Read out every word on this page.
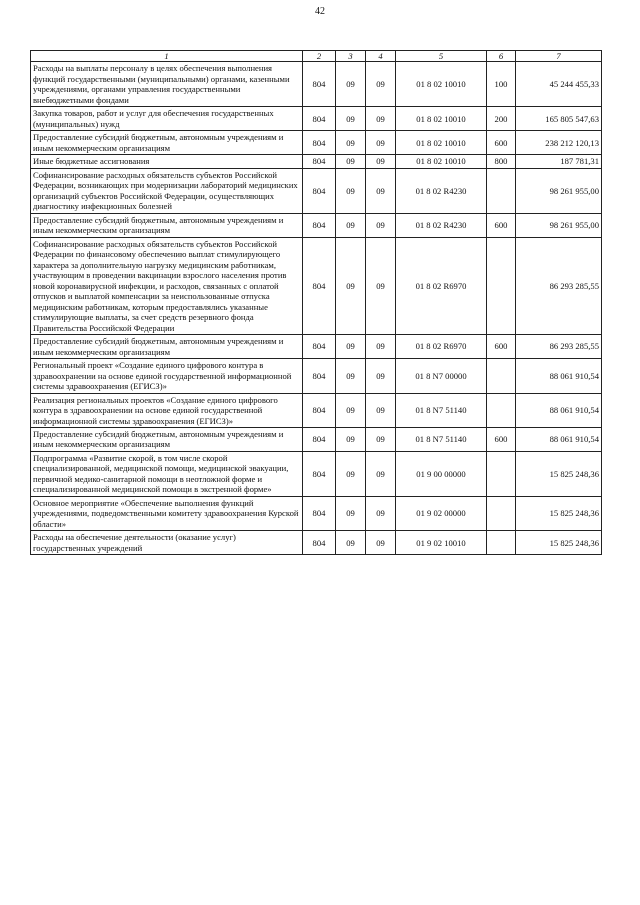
42
1	2	3	4	5	6	7
Расходы на выплаты персоналу в целях обеспечения выполнения функций государственными (муниципальными) органами, казенными учреждениями, органами управления государственными внебюджетными фондами	804	09	09	01 8 02 10010	100	45 244 455,33
Закупка товаров, работ и услуг для обеспечения государственных (муниципальных) нужд	804	09	09	01 8 02 10010	200	165 805 547,63
Предоставление субсидий бюджетным, автономным учреждениям и иным некоммерческим организациям	804	09	09	01 8 02 10010	600	238 212 120,13
Иные бюджетные ассигнования	804	09	09	01 8 02 10010	800	187 781,31
Софинансирование расходных обязательств субъектов Российской Федерации, возникающих при модернизации лабораторий медицинских организаций субъектов Российской Федерации, осуществляющих диагностику инфекционных болезней	804	09	09	01 8 02 R4230		98 261 955,00
Предоставление субсидий бюджетным, автономным учреждениям и иным некоммерческим организациям	804	09	09	01 8 02 R4230	600	98 261 955,00
Софинансирование расходных обязательств субъектов Российской Федерации по финансовому обеспечению выплат стимулирующего характера за дополнительную нагрузку медицинским работникам, участвующим в проведении вакцинации взрослого населения против новой коронавирусной инфекции, и расходов, связанных с оплатой отпусков и выплатой компенсации за неиспользованные отпуска медицинским работникам, которым предоставлялись указанные стимулирующие выплаты, за счет средств резервного фонда Правительства Российской Федерации	804	09	09	01 8 02 R6970		86 293 285,55
Предоставление субсидий бюджетным, автономным учреждениям и иным некоммерческим организациям	804	09	09	01 8 02 R6970	600	86 293 285,55
Региональный проект «Создание единого цифрового контура в здравоохранении на основе единой государственной информационной системы здравоохранения (ЕГИСЗ)»	804	09	09	01 8 N7 00000		88 061 910,54
Реализация региональных проектов «Создание единого цифрового контура в здравоохранении на основе единой государственной информационной системы здравоохранения (ЕГИСЗ)»	804	09	09	01 8 N7 51140		88 061 910,54
Предоставление субсидий бюджетным, автономным учреждениям и иным некоммерческим организациям	804	09	09	01 8 N7 51140	600	88 061 910,54
Подпрограмма «Развитие скорой, в том числе скорой специализированной, медицинской помощи, медицинской эвакуации, первичной медико-санитарной помощи в неотложной форме и специализированной медицинской помощи в экстренной форме»	804	09	09	01 9 00 00000		15 825 248,36
Основное мероприятие «Обеспечение выполнения функций учреждениями, подведомственными комитету здравоохранения Курской области»	804	09	09	01 9 02 00000		15 825 248,36
Расходы на обеспечение деятельности (оказание услуг) государственных учреждений	804	09	09	01 9 02 10010		15 825 248,36
